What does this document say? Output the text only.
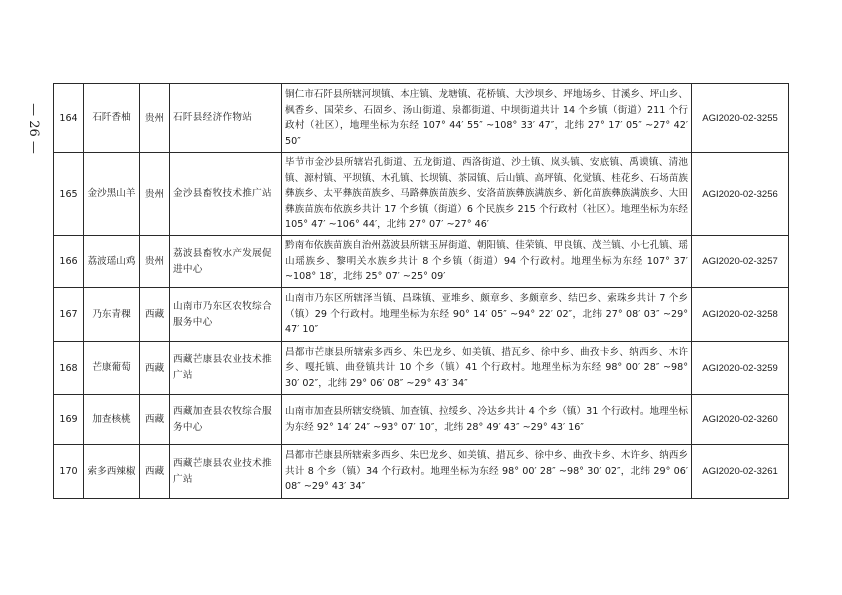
— 26 — 164	石阡香柚	贵州	石阡县经济作物站	铜仁市石阡县所辖河坝镇、本庄镇、龙塘镇、花桥镇、大沙坝乡、坪地场乡、甘溪乡、坪山乡、枫香乡、国荣乡、石固乡、汤山街道、泉都街道、中坝街道共计 14 个乡镇（街道）211 个行政村（社区），地理坐标为东经 107° 44′ 55″ ~108° 33′ 47″，北纬 27° 17′ 05″ ~27° 42′ 50″	AGI2020-02-3255
165	金沙黑山羊	贵州	金沙县畜牧技术推广站	毕节市金沙县所辖岩孔街道、五龙街道、西洛街道、沙土镇、岚头镇、安底镇、禹谟镇、清池镇、源村镇、平坝镇、木孔镇、长坝镇、茶园镇、后山镇、高坪镇、化觉镇、桂花乡、石场苗族彝族乡、太平彝族苗族乡、马路彝族苗族乡、安洛苗族彝族满族乡、新化苗族彝族满族乡、大田彝族苗族布依族乡共计 17 个乡镇（街道）6 个民族乡 215 个行政村（社区）。地理坐标为东经 105° 47′ ~106° 44′，北纬 27° 07′ ~27° 46′	AGI2020-02-3256
166	荔波瑶山鸡	贵州	荔波县畜牧水产发展促进中心	黔南布依族苗族自治州荔波县所辖玉屏街道、朝阳镇、佳荣镇、甲良镇、茂兰镇、小七孔镇、瑶山瑶族乡、黎明关水族乡共计 8 个乡镇（街道）94 个行政村。地理坐标为东经 107° 37′ ~108° 18′，北纬 25° 07′ ~25° 09′	AGI2020-02-3257
167	乃东青稞	西藏	山南市乃东区农牧综合服务中心	山南市乃东区所辖泽当镇、昌珠镇、亚堆乡、颇章乡、多颇章乡、结巴乡、索珠乡共计 7 个乡（镇）29 个行政村。地理坐标为东经 90° 14′ 05″ ~94° 22′ 02″，北纬 27° 08′ 03″ ~29° 47′ 10″	AGI2020-02-3258
168	芒康葡萄	西藏	西藏芒康县农业技术推广站	昌都市芒康县所辖索多西乡、朱巴龙乡、如美镇、措瓦乡、徐中乡、曲孜卡乡、纳西乡、木许乡、嘎托镇、曲登镇共计 10 个乡（镇）41 个行政村。地理坐标为东经 98° 00′ 28″ ~98° 30′ 02″，北纬 29° 06′ 08″ ~29° 43′ 34″	AGI2020-02-3259
169	加查核桃	西藏	西藏加查县农牧综合服务中心	山南市加查县所辖安绕镇、加查镇、拉绥乡、冷达乡共计 4 个乡（镇）31 个行政村。地理坐标为东经 92° 14′ 24″ ~93° 07′ 10″，北纬 28° 49′ 43″ ~29° 43′ 16″	AGI2020-02-3260
170	索多西辣椒	西藏	西藏芒康县农业技术推广站	昌都市芒康县所辖索多西乡、朱巴龙乡、如美镇、措瓦乡、徐中乡、曲孜卡乡、木许乡、纳西乡共计 8 个乡（镇）34 个行政村。地理坐标为东经 98° 00′ 28″ ~98° 30′ 02″，北纬 29° 06′ 08″ ~29° 43′ 34″	AGI2020-02-3261
